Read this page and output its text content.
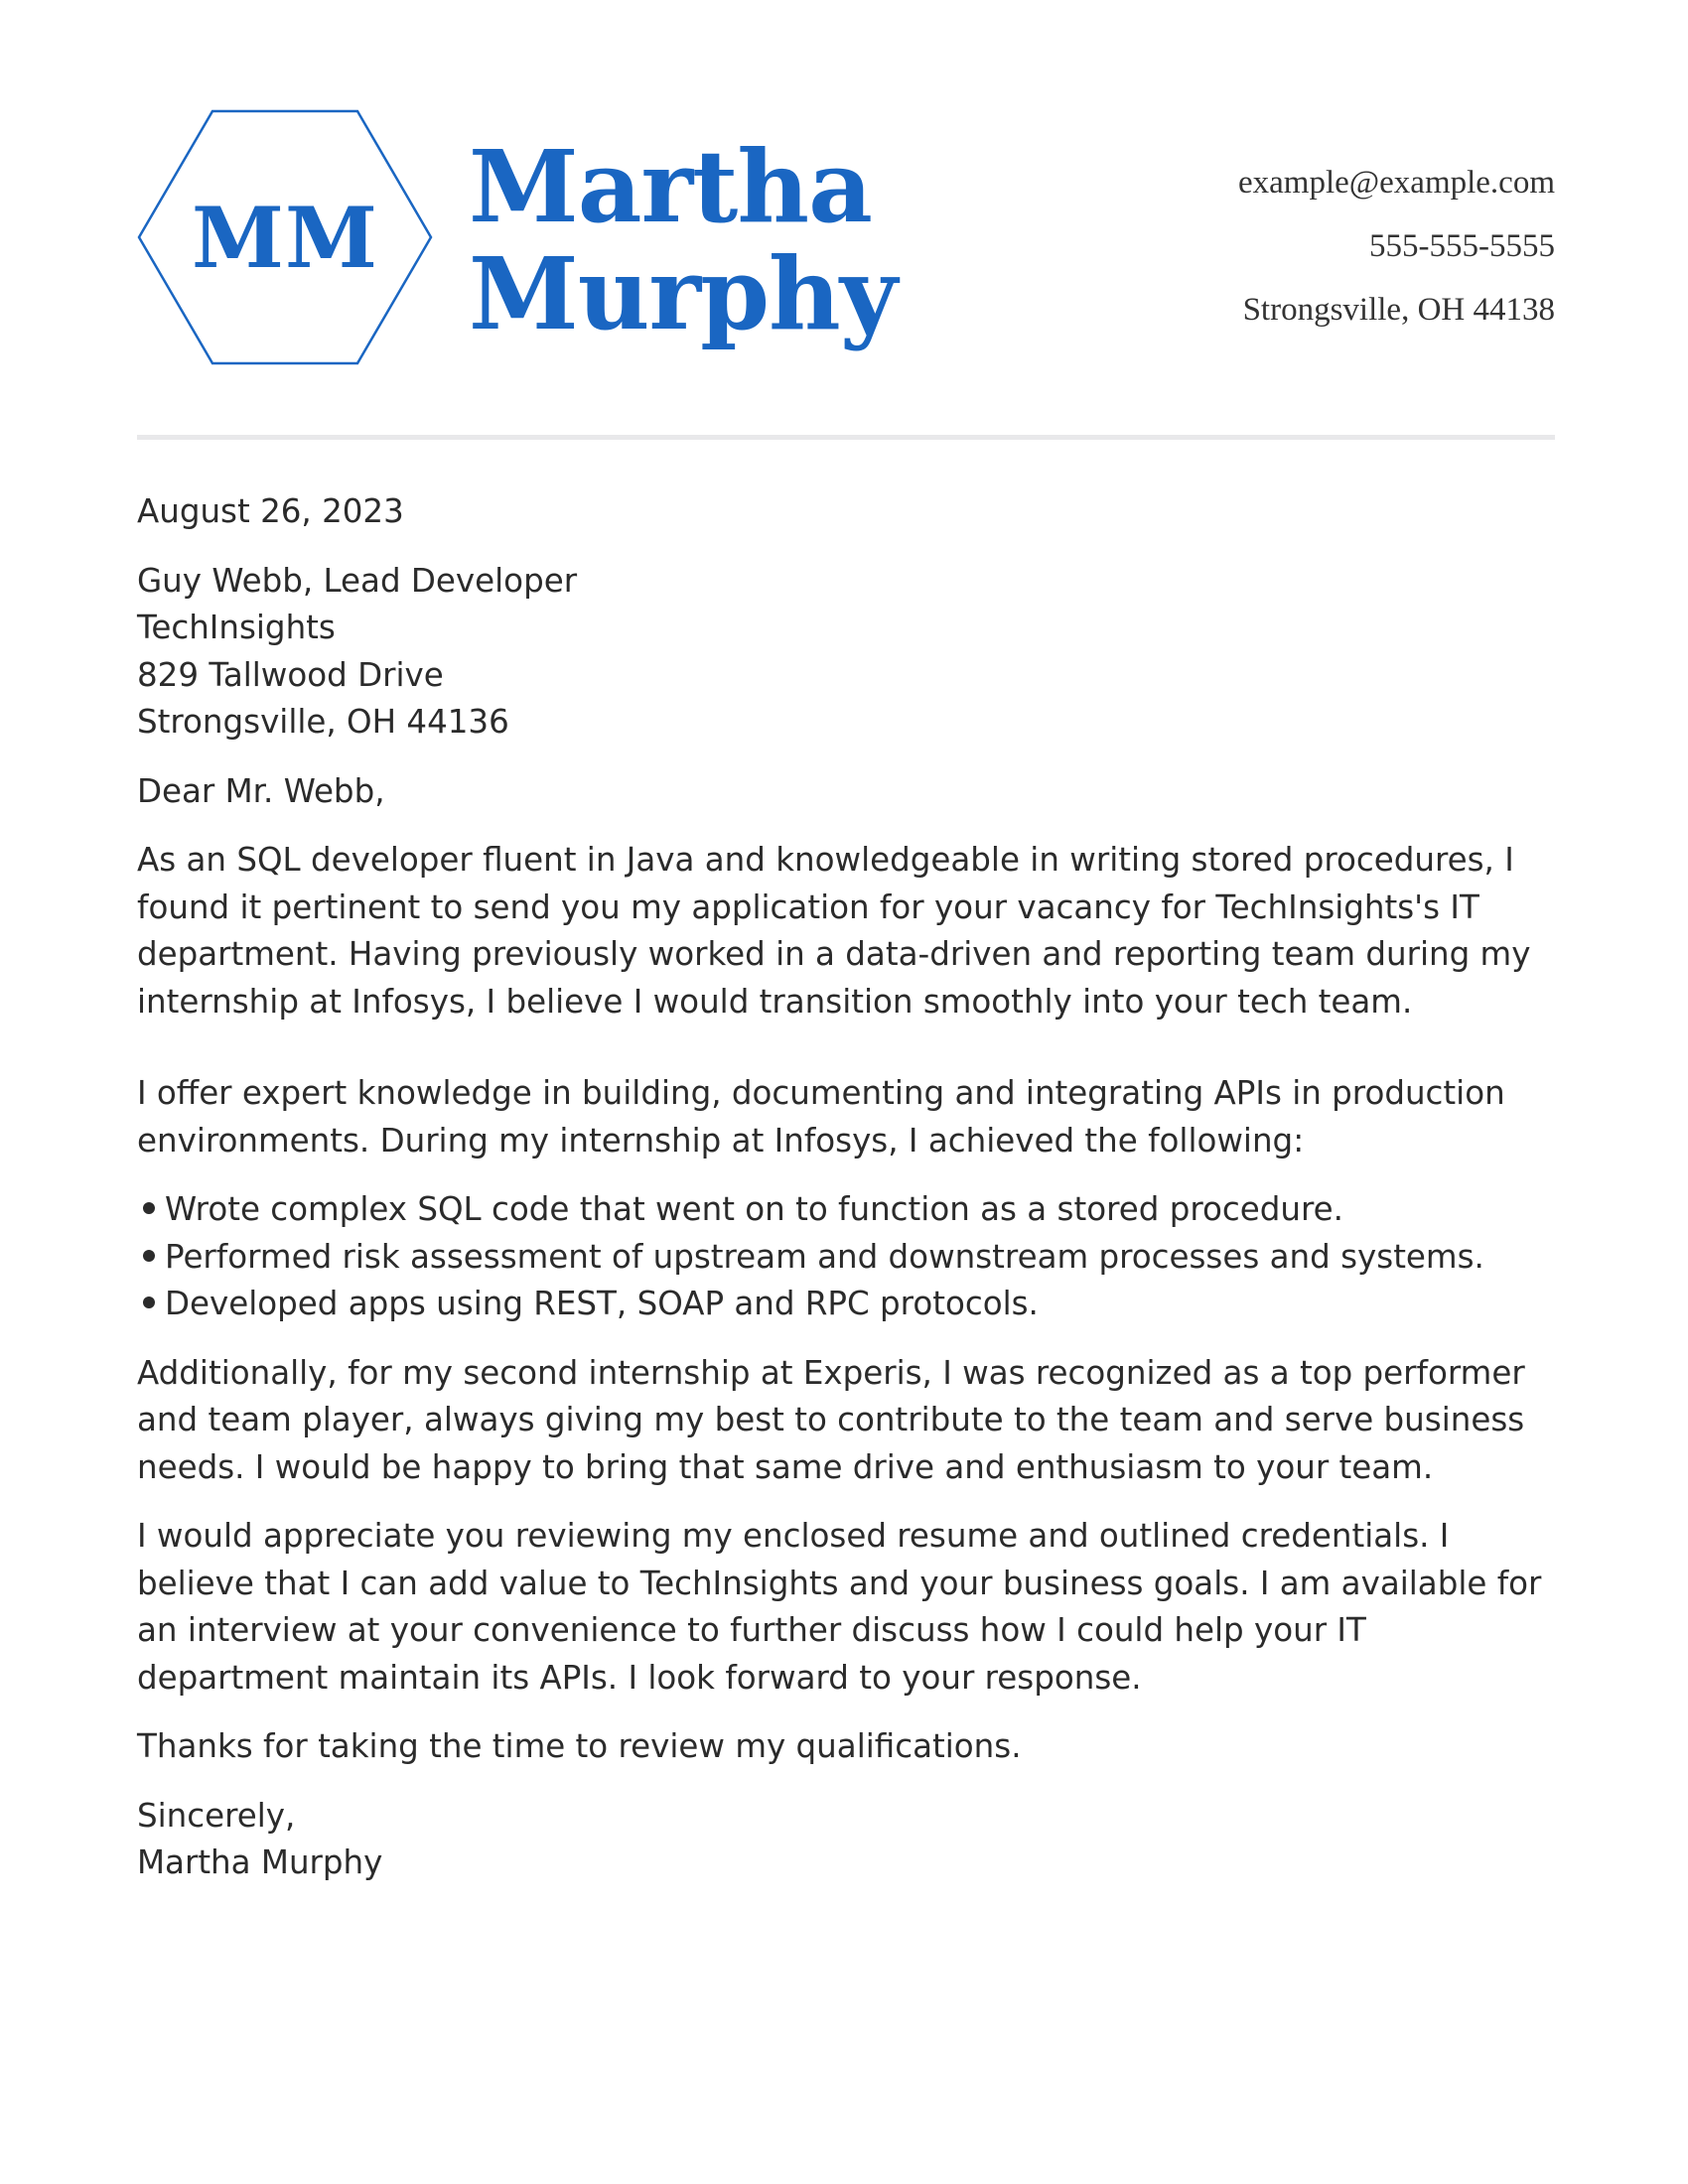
MM Martha
Murphy
example@example.com
555-555-5555
Strongsville, OH 44138

August 26, 2023

Guy Webb, Lead Developer
TechInsights
829 Tallwood Drive
Strongsville, OH 44136

Dear Mr. Webb,

As an SQL developer fluent in Java and knowledgeable in writing stored procedures, I found it pertinent to send you my application for your vacancy for TechInsights's IT department. Having previously worked in a data-driven and reporting team during my internship at Infosys, I believe I would transition smoothly into your tech team.

I offer expert knowledge in building, documenting and integrating APIs in production environments. During my internship at Infosys, I achieved the following:

Wrote complex SQL code that went on to function as a stored procedure.
Performed risk assessment of upstream and downstream processes and systems.
Developed apps using REST, SOAP and RPC protocols.

Additionally, for my second internship at Experis, I was recognized as a top performer and team player, always giving my best to contribute to the team and serve business needs. I would be happy to bring that same drive and enthusiasm to your team.

I would appreciate you reviewing my enclosed resume and outlined credentials. I believe that I can add value to TechInsights and your business goals. I am available for an interview at your convenience to further discuss how I could help your IT department maintain its APIs. I look forward to your response.

Thanks for taking the time to review my qualifications.

Sincerely,
Martha Murphy
